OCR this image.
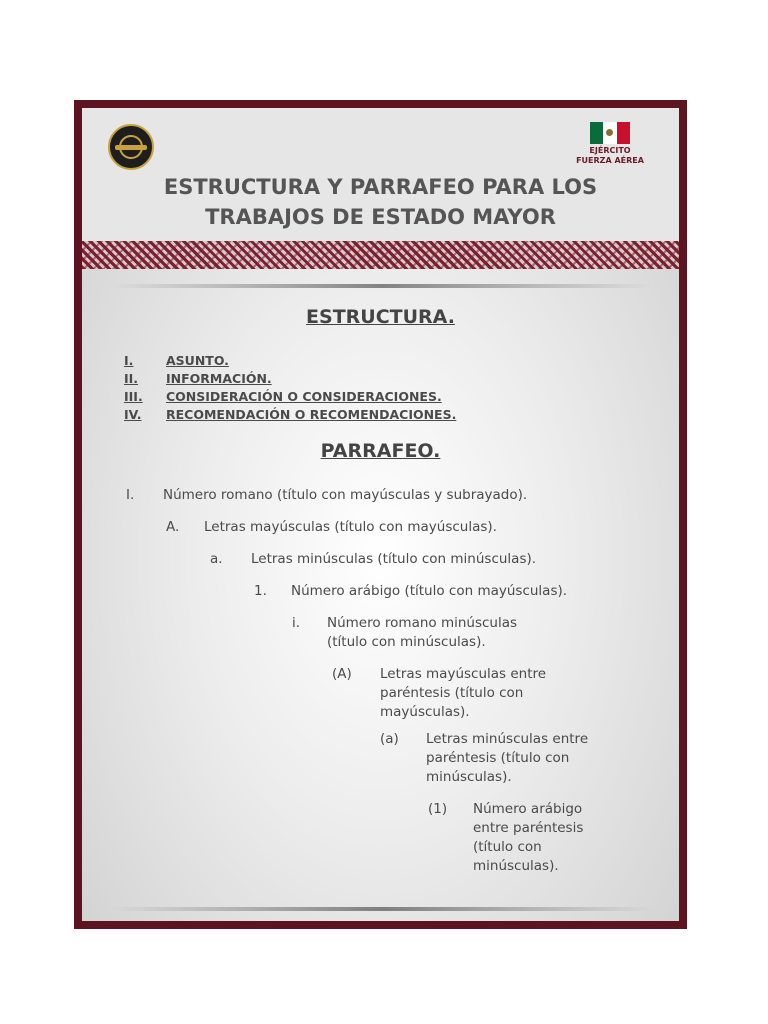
EJÉRCITO
FUERZA AÉREA
ESTRUCTURA Y PARRAFEO PARA LOS
TRABAJOS DE ESTADO MAYOR
ESTRUCTURA.
I.	ASUNTO.
II.	INFORMACIÓN.
III.	CONSIDERACIÓN O CONSIDERACIONES.
IV.	RECOMENDACIÓN O RECOMENDACIONES.
PARRAFEO.
I. Número romano (título con mayúsculas y subrayado).
A. Letras mayúsculas (título con mayúsculas).
a. Letras minúsculas (título con minúsculas).
1. Número arábigo (título con mayúsculas).
i. Número romano minúsculas
(título con minúsculas).
(A) Letras mayúsculas entre
paréntesis (título con
mayúsculas).
(a) Letras minúsculas entre
paréntesis (título con
minúsculas).
(1) Número arábigo
entre paréntesis
(título con
minúsculas).
